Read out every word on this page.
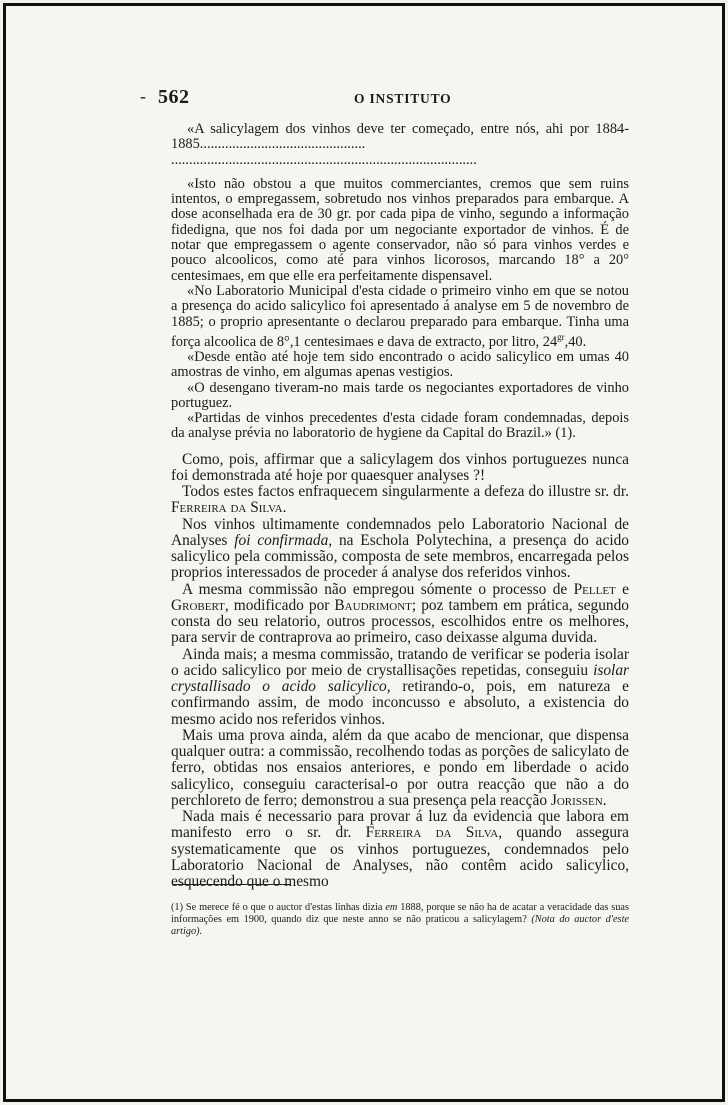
- 562	O INSTITUTO

«A salicylagem dos vinhos deve ter começado, entre nós, ahi por 1884-1885..............................................

.....................................................................................

«Isto não obstou a que muitos commerciantes, cremos que sem ruins intentos, o empregassem, sobretudo nos vinhos preparados para embarque. A dose aconselhada era de 30 gr. por cada pipa de vinho, segundo a informação fidedigna, que nos foi dada por um negociante exportador de vinhos. É de notar que empregassem o agente conservador, não só para vinhos verdes e pouco alcoolicos, como até para vinhos licorosos, marcando 18° a 20° centesimaes, em que elle era perfeitamente dispensavel.

«No Laboratorio Municipal d'esta cidade o primeiro vinho em que se notou a presença do acido salicylico foi apresentado á analyse em 5 de novembro de 1885; o proprio apresentante o declarou preparado para embarque. Tinha uma força alcoolica de 8°,1 centesimaes e dava de extracto, por litro, $24^{gr},40$.

«Desde então até hoje tem sido encontrado o acido salicylico em umas 40 amostras de vinho, em algumas apenas vestigios.

«O desengano tiveram-no mais tarde os negociantes exportadores de vinho portuguez.

«Partidas de vinhos precedentes d'esta cidade foram condemnadas, depois da analyse prévia no laboratorio de hygiene da Capital do Brazil.» (1).

Como, pois, affirmar que a salicylagem dos vinhos portuguezes nunca foi demonstrada até hoje por quaesquer analyses ?!

Todos estes factos enfraquecem singularmente a defeza do illustre sr. dr. Ferreira da Silva.

Nos vinhos ultimamente condemnados pelo Laboratorio Nacional de Analyses foi confirmada, na Eschola Polytechina, a presença do acido salicylico pela commissão, composta de sete membros, encarregada pelos proprios interessados de proceder á analyse dos referidos vinhos.

A mesma commissão não empregou sómente o processo de Pellet e Grobert, modificado por Baudrimont; poz tambem em prática, segundo consta do seu relatorio, outros processos, escolhidos entre os melhores, para servir de contraprova ao primeiro, caso deixasse alguma duvida.

Ainda mais; a mesma commissão, tratando de verificar se poderia isolar o acido salicylico por meio de crystallisações repetidas, conseguiu isolar crystallisado o acido salicylico, retirando-o, pois, em natureza e confirmando assim, de modo inconcusso e absoluto, a existencia do mesmo acido nos referidos vinhos.

Mais uma prova ainda, além da que acabo de mencionar, que dispensa qualquer outra: a commissão, recolhendo todas as porções de salicylato de ferro, obtidas nos ensaios anteriores, e pondo em liberdade o acido salicylico, conseguiu caracterisal-o por outra reacção que não a do perchloreto de ferro; demonstrou a sua presença pela reacção Jorissen.

Nada mais é necessario para provar á luz da evidencia que labora em manifesto erro o sr. dr. Ferreira da Silva, quando assegura systematicamente que os vinhos portuguezes, condemnados pelo Laboratorio Nacional de Analyses, não contêm acido salicylico, esquecendo que o mesmo

(1) Se merece fé o que o auctor d'estas linhas dizia em 1888, porque se não ha de acatar a veracidade das suas informações em 1900, quando diz que neste anno se não praticou a salicylagem? (Nota do auctor d'este artigo).
